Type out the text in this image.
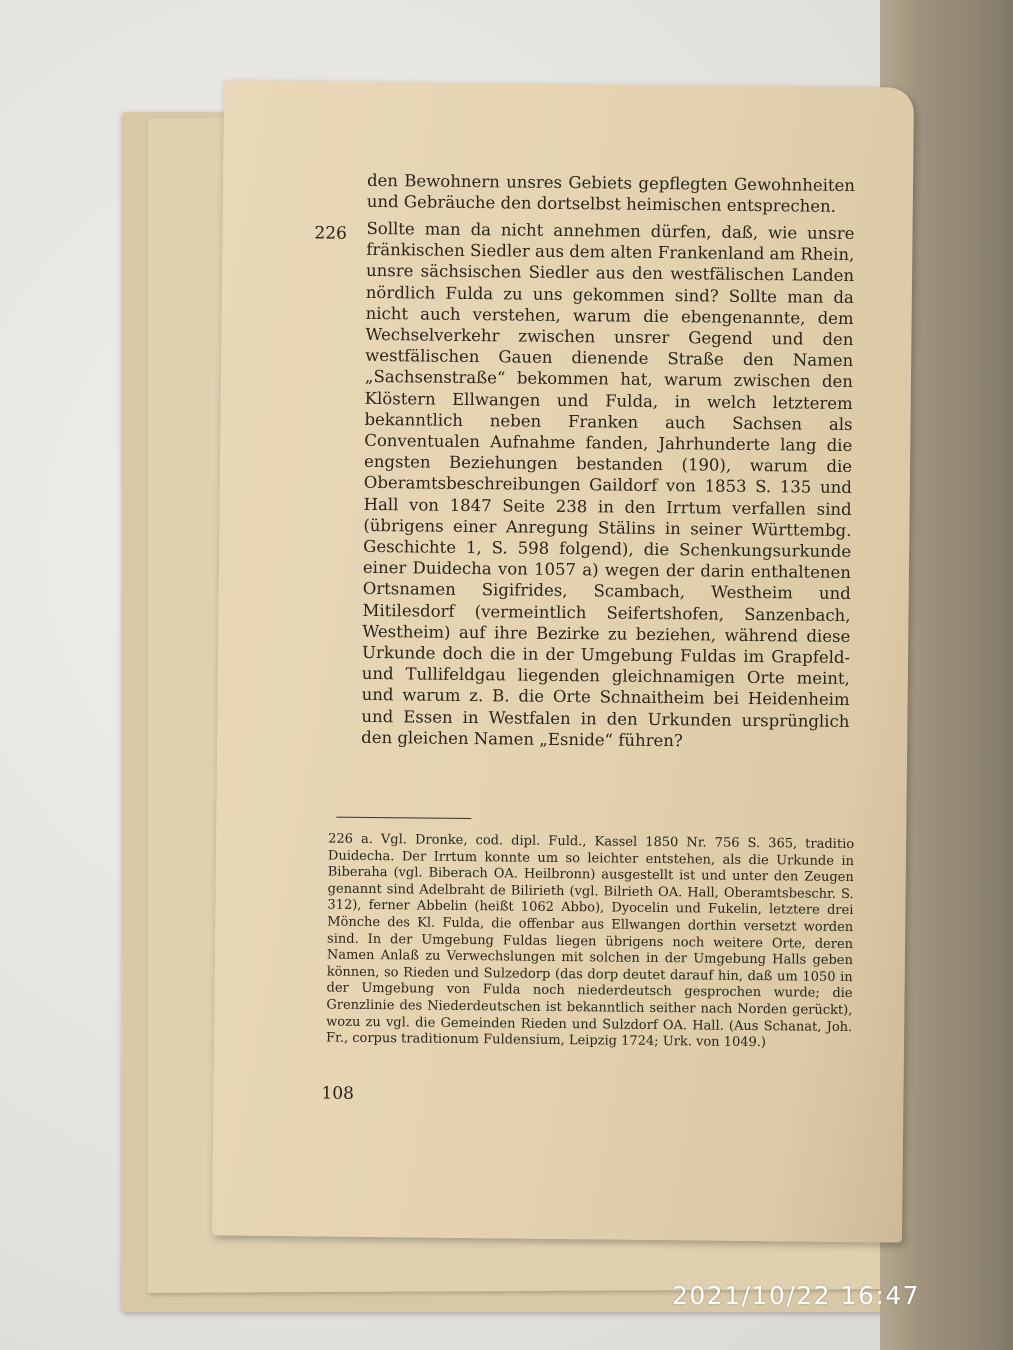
den Bewohnern unsres Gebiets gepflegten Gewohnheiten und Gebräuche den dortselbst heimischen entsprechen.
226	Sollte man da nicht annehmen dürfen, daß, wie unsre fränkischen Siedler aus dem alten Frankenland am Rhein, unsre sächsischen Siedler aus den westfälischen Landen nördlich Fulda zu uns gekommen sind? Sollte man da nicht auch verstehen, warum die ebengenannte, dem Wechselverkehr zwischen unsrer Gegend und den westfälischen Gauen dienende Straße den Namen „Sachsenstraße“ bekommen hat, warum zwischen den Klöstern Ellwangen und Fulda, in welch letzterem bekanntlich neben Franken auch Sachsen als Conventualen Aufnahme fanden, Jahrhunderte lang die engsten Beziehungen bestanden (190), warum die Oberamtsbeschreibungen Gaildorf von 1853 S. 135 und Hall von 1847 Seite 238 in den Irrtum verfallen sind (übrigens einer Anregung Stälins in seiner Württembg. Geschichte 1, S. 598 folgend), die Schenkungsurkunde einer Duidecha von 1057 a) wegen der darin enthaltenen Ortsnamen Sigifrides, Scambach, Westheim und Mitilesdorf (vermeintlich Seifertshofen, Sanzenbach, Westheim) auf ihre Bezirke zu beziehen, während diese Urkunde doch die in der Umgebung Fuldas im Grapfeld- und Tullifeldgau liegenden gleichnamigen Orte meint, und warum z. B. die Orte Schnaitheim bei Heidenheim und Essen in Westfalen in den Urkunden ursprünglich den gleichen Namen „Esnide“ führen?
226 a. Vgl. Dronke, cod. dipl. Fuld., Kassel 1850 Nr. 756 S. 365, traditio Duidecha. Der Irrtum konnte um so leichter entstehen, als die Urkunde in Biberaha (vgl. Biberach OA. Heilbronn) ausgestellt ist und unter den Zeugen genannt sind Adelbraht de Bilirieth (vgl. Bilrieth OA. Hall, Oberamtsbeschr. S. 312), ferner Abbelin (heißt 1062 Abbo), Dyocelin und Fukelin, letztere drei Mönche des Kl. Fulda, die offenbar aus Ellwangen dorthin versetzt worden sind. In der Umgebung Fuldas liegen übrigens noch weitere Orte, deren Namen Anlaß zu Verwechslungen mit solchen in der Umgebung Halls geben können, so Rieden und Sulzedorp (das dorp deutet darauf hin, daß um 1050 in der Umgebung von Fulda noch niederdeutsch gesprochen wurde; die Grenzlinie des Niederdeutschen ist bekanntlich seither nach Norden gerückt), wozu zu vgl. die Gemeinden Rieden und Sulzdorf OA. Hall. (Aus Schanat, Joh. Fr., corpus traditionum Fuldensium, Leipzig 1724; Urk. von 1049.)
108
2021/10/22 16:47
